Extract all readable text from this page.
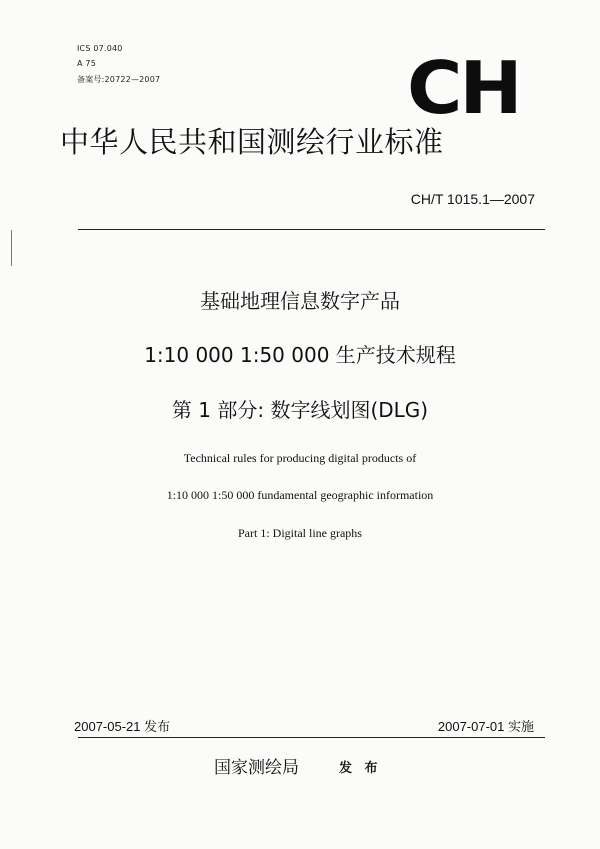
ICS 07.040
A 75
备案号:20722—2007	CH
中华人民共和国测绘行业标准
CH/T 1015.1—2007
基础地理信息数字产品
1:10 000 1:50 000 生产技术规程
第 1 部分: 数字线划图(DLG)
Technical rules for producing digital products of
1:10 000 1:50 000 fundamental geographic information
Part 1: Digital line graphs
2007-05-21 发布	2007-07-01 实施
国家测绘局	发 布
